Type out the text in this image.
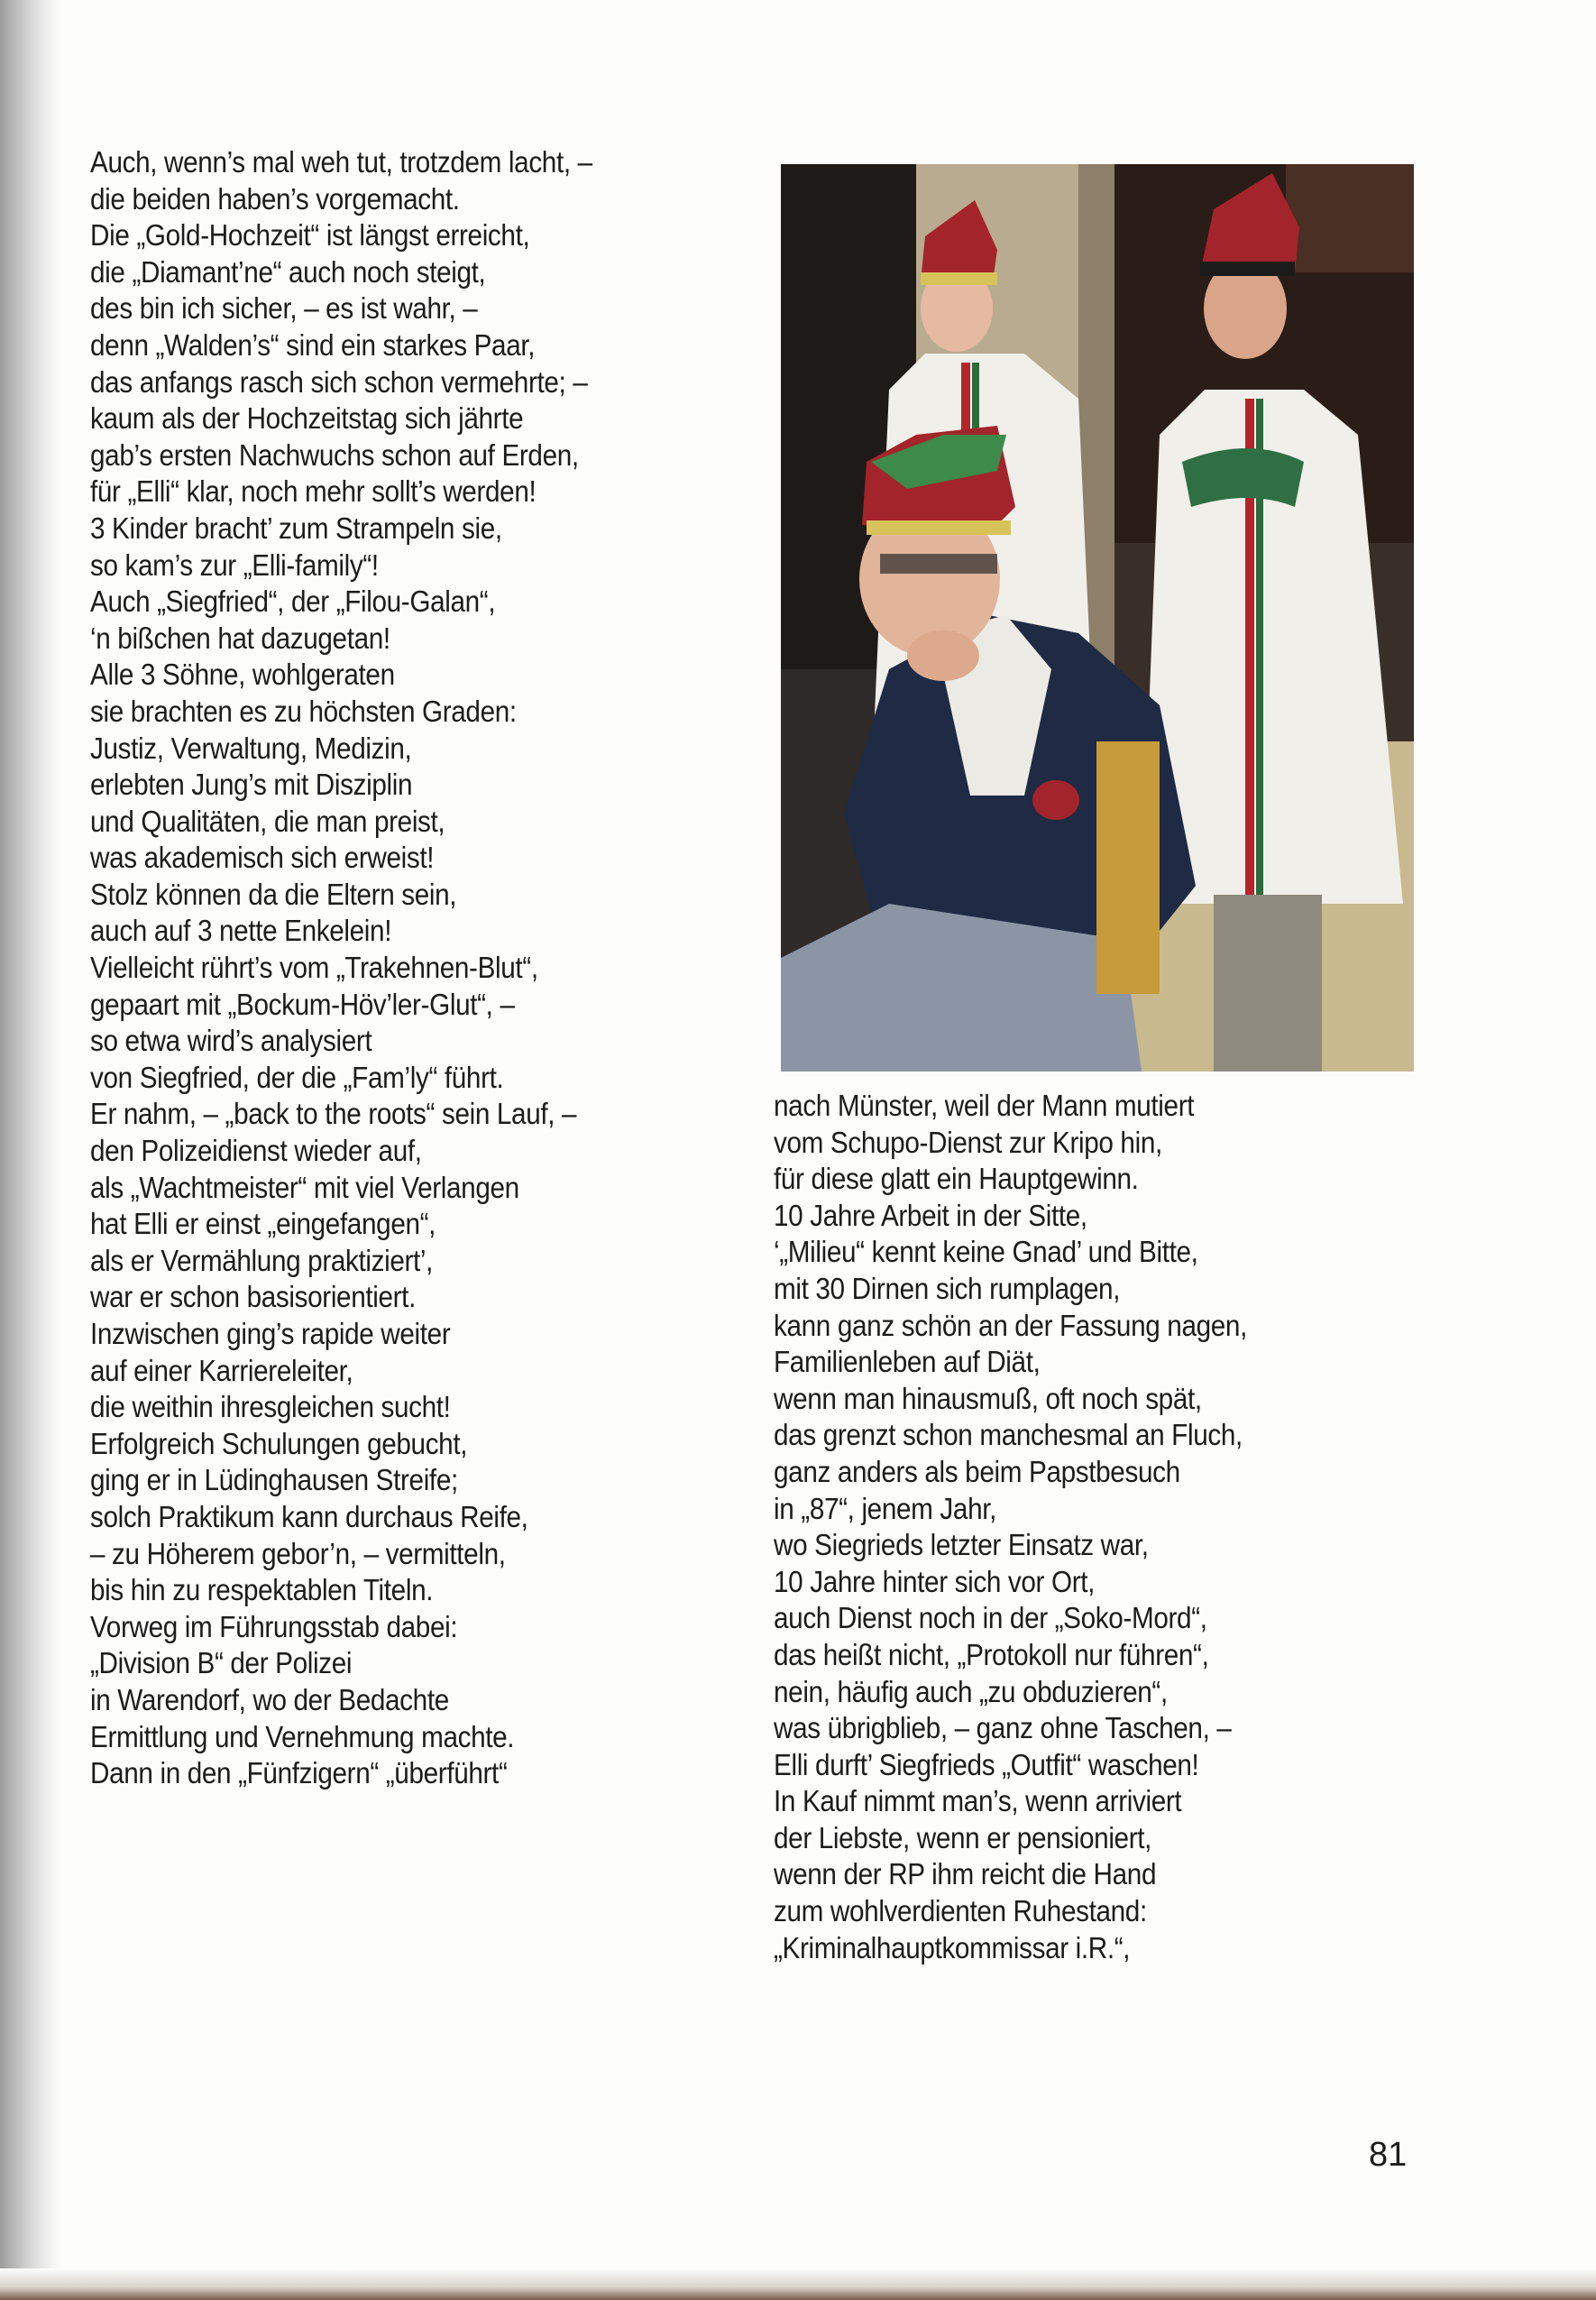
Auch, wenn’s mal weh tut, trotzdem lacht, –
die beiden haben’s vorgemacht.
Die „Gold-Hochzeit“ ist längst erreicht,
die „Diamant’ne“ auch noch steigt,
des bin ich sicher, – es ist wahr, –
denn „Walden’s“ sind ein starkes Paar,
das anfangs rasch sich schon vermehrte; –
kaum als der Hochzeitstag sich jährte
gab’s ersten Nachwuchs schon auf Erden,
für „Elli“ klar, noch mehr sollt’s werden!
3 Kinder bracht’ zum Strampeln sie,
so kam’s zur „Elli-family“!
Auch „Siegfried“, der „Filou-Galan“,
‘n bißchen hat dazugetan!
Alle 3 Söhne, wohlgeraten
sie brachten es zu höchsten Graden:
Justiz, Verwaltung, Medizin,
erlebten Jung’s mit Disziplin
und Qualitäten, die man preist,
was akademisch sich erweist!
Stolz können da die Eltern sein,
auch auf 3 nette Enkelein!
Vielleicht rührt’s vom „Trakehnen-Blut“,
gepaart mit „Bockum-Höv’ler-Glut“, –
so etwa wird’s analysiert
von Siegfried, der die „Fam’ly“ führt.
Er nahm, – „back to the roots“ sein Lauf, –
den Polizeidienst wieder auf,
als „Wachtmeister“ mit viel Verlangen
hat Elli er einst „eingefangen“,
als er Vermählung praktiziert’,
war er schon basisorientiert.
Inzwischen ging’s rapide weiter
auf einer Karriereleiter,
die weithin ihresgleichen sucht!
Erfolgreich Schulungen gebucht,
ging er in Lüdinghausen Streife;
solch Praktikum kann durchaus Reife,
– zu Höherem gebor’n, – vermitteln,
bis hin zu respektablen Titeln.
Vorweg im Führungsstab dabei:
„Division B“ der Polizei
in Warendorf, wo der Bedachte
Ermittlung und Vernehmung machte.
Dann in den „Fünfzigern“ „überführt“
nach Münster, weil der Mann mutiert
vom Schupo-Dienst zur Kripo hin,
für diese glatt ein Hauptgewinn.
10 Jahre Arbeit in der Sitte,
‘„Milieu“ kennt keine Gnad’ und Bitte,
mit 30 Dirnen sich rumplagen,
kann ganz schön an der Fassung nagen,
Familienleben auf Diät,
wenn man hinausmuß, oft noch spät,
das grenzt schon manchesmal an Fluch,
ganz anders als beim Papstbesuch
in „87“, jenem Jahr,
wo Siegrieds letzter Einsatz war,
10 Jahre hinter sich vor Ort,
auch Dienst noch in der „Soko-Mord“,
das heißt nicht, „Protokoll nur führen“,
nein, häufig auch „zu obduzieren“,
was übrigblieb, – ganz ohne Taschen, –
Elli durft’ Siegfrieds „Outfit“ waschen!
In Kauf nimmt man’s, wenn arriviert
der Liebste, wenn er pensioniert,
wenn der RP ihm reicht die Hand
zum wohlverdienten Ruhestand:
„Kriminalhauptkommissar i.R.“,
81
